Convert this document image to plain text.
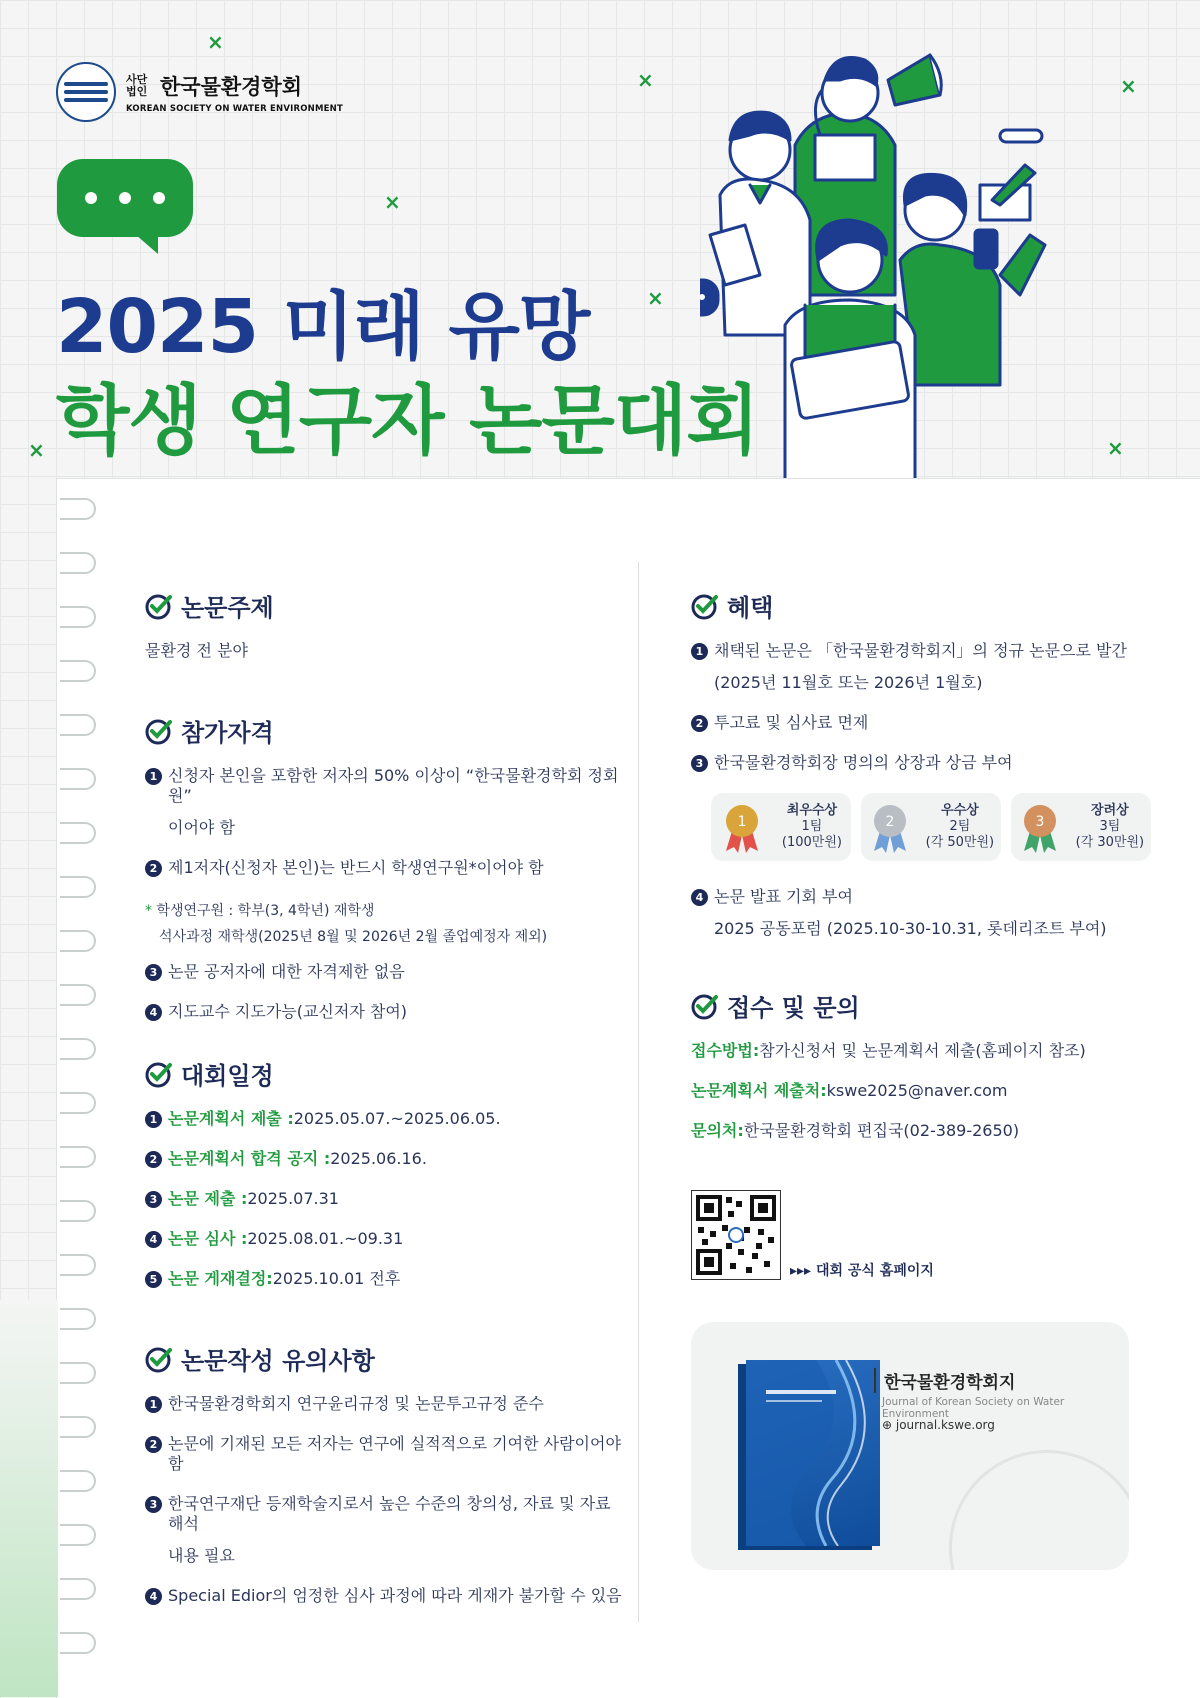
×
×	×
×
×
×	×
사단
법인 한국물환경학회
KOREAN SOCIETY ON WATER ENVIRONMENT
2025 미래 유망
학생 연구자 논문대회
논문주제
물환경 전 분야
참가자격
1 신청자 본인을 포함한 저자의 50% 이상이 “한국물환경학회 정회원”
이어야 함
2 제1저자(신청자 본인)는 반드시 학생연구원*이어야 함
* 학생연구원 : 학부(3, 4학년) 재학생
석사과정 재학생(2025년 8월 및 2026년 2월 졸업예정자 제외)
3 논문 공저자에 대한 자격제한 없음
4 지도교수 지도가능(교신저자 참여)
대회일정
1 논문계획서 제출 : 2025.05.07.~2025.06.05.
2 논문계획서 합격 공지 : 2025.06.16.
3 논문 제출 : 2025.07.31
4 논문 심사 : 2025.08.01.~09.31
5 논문 게재결정: 2025.10.01 전후
논문작성 유의사항
1 한국물환경학회지 연구윤리규정 및 논문투고규정 준수
2 논문에 기재된 모든 저자는 연구에 실적적으로 기여한 사람이어야 함
3 한국연구재단 등재학술지로서 높은 수준의 창의성, 자료 및 자료 해석
내용 필요
4 Special Edior의 엄정한 심사 과정에 따라 게재가 불가할 수 있음
혜택
1 채택된 논문은 「한국물환경학회지」의 정규 논문으로 발간
(2025년 11월호 또는 2026년 1월호)
2 투고료 및 심사료 면제
3 한국물환경학회장 명의의 상장과 상금 부여
1
최우수상
1팀
(100만원)
2
우수상
2팀
(각 50만원)
3
장려상
3팀
(각 30만원)
4 논문 발표 기회 부여
2025 공동포럼 (2025.10-30-10.31, 롯데리조트 부여)
접수 및 문의
접수방법: 참가신청서 및 논문계획서 제출(홈페이지 참조)
논문계획서 제출처: kswe2025@naver.com
문의처: 한국물환경학회 편집국(02-389-2650)
▸▸▸ 대회 공식 홈페이지
한국물환경학회지
Journal of Korean Society on Water Environment
⊕ journal.kswe.org
